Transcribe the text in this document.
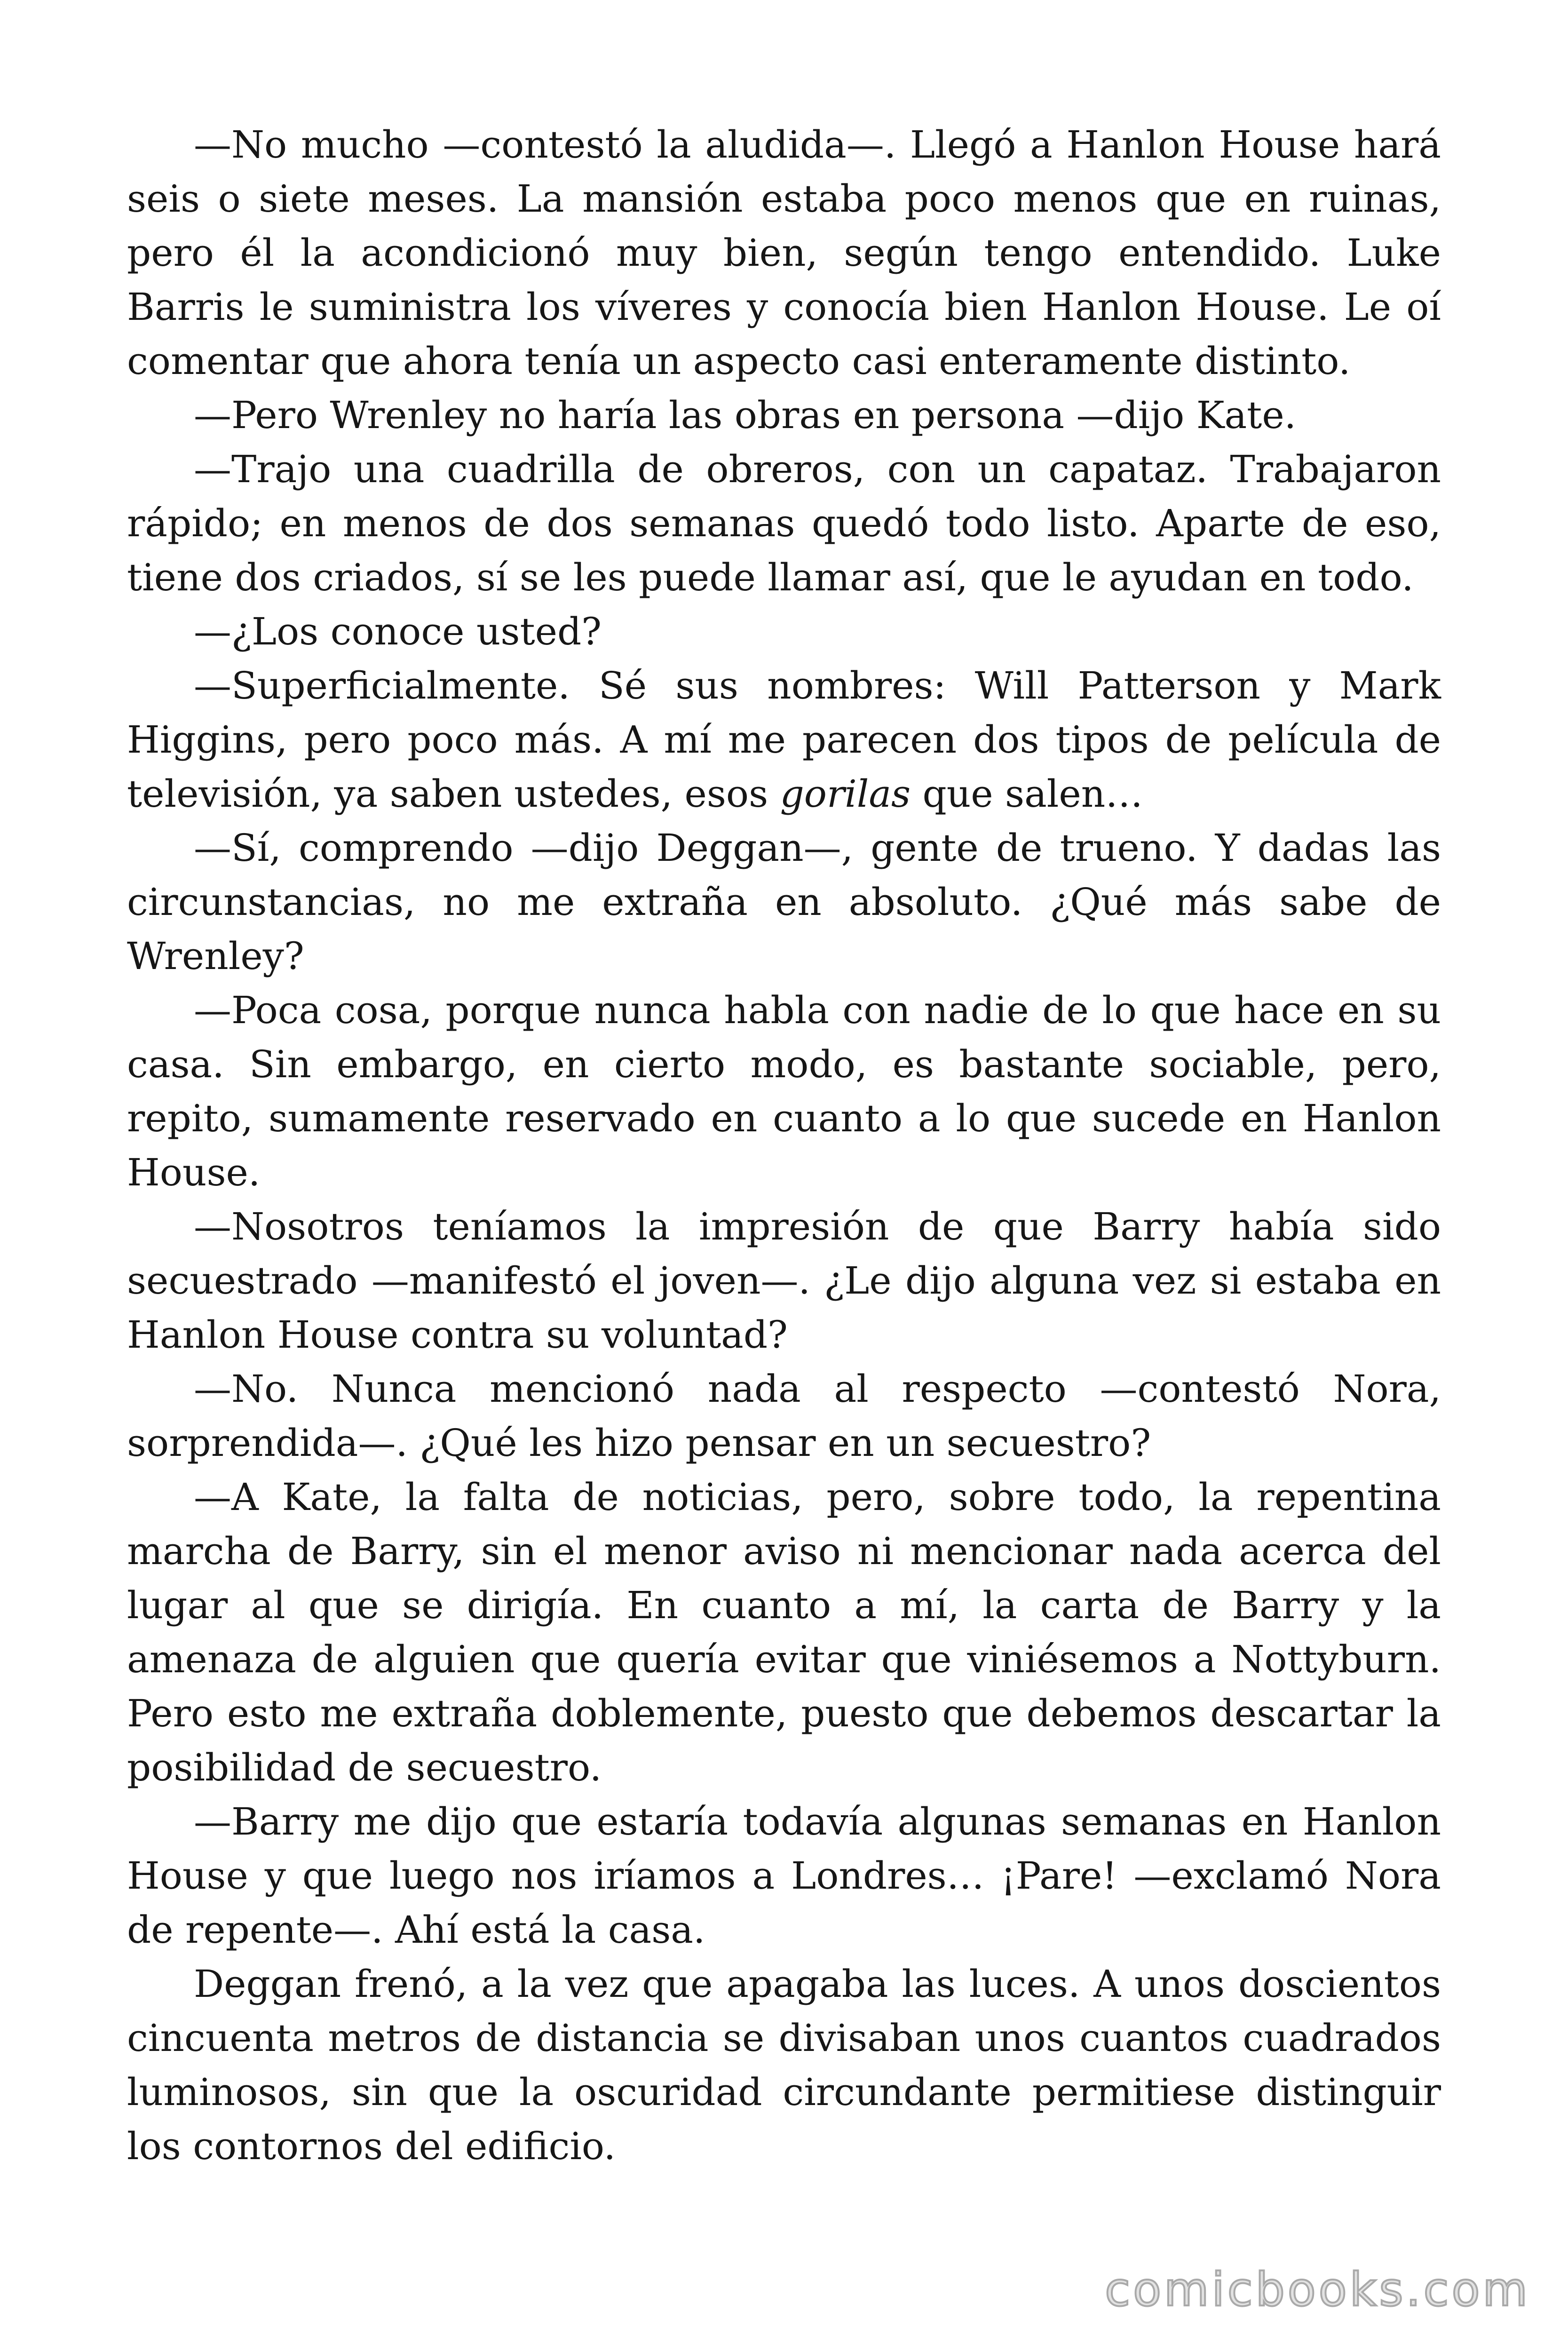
—No mucho —contestó la aludida—. Llegó a Hanlon House hará seis o siete meses. La mansión estaba poco menos que en ruinas, pero él la acondicionó muy bien, según tengo entendido. Luke Barris le suministra los víveres y conocía bien Hanlon House. Le oí comentar que ahora tenía un aspecto casi enteramente distinto.

—Pero Wrenley no haría las obras en persona —dijo Kate.

—Trajo una cuadrilla de obreros, con un capataz. Trabajaron rápido; en menos de dos semanas quedó todo listo. Aparte de eso, tiene dos criados, sí se les puede llamar así, que le ayudan en todo.

—¿Los conoce usted?

—Superficialmente. Sé sus nombres: Will Patterson y Mark Higgins, pero poco más. A mí me parecen dos tipos de película de televisión, ya saben ustedes, esos gorilas que salen…

—Sí, comprendo —dijo Deggan—, gente de trueno. Y dadas las circunstancias, no me extraña en absoluto. ¿Qué más sabe de Wrenley?

—Poca cosa, porque nunca habla con nadie de lo que hace en su casa. Sin embargo, en cierto modo, es bastante sociable, pero, repito, sumamente reservado en cuanto a lo que sucede en Hanlon House.

—Nosotros teníamos la impresión de que Barry había sido secuestrado —manifestó el joven—. ¿Le dijo alguna vez si estaba en Hanlon House contra su voluntad?

—No. Nunca mencionó nada al respecto —contestó Nora, sorprendida—. ¿Qué les hizo pensar en un secuestro?

—A Kate, la falta de noticias, pero, sobre todo, la repentina marcha de Barry, sin el menor aviso ni mencionar nada acerca del lugar al que se dirigía. En cuanto a mí, la carta de Barry y la amenaza de alguien que quería evitar que viniésemos a Nottyburn. Pero esto me extraña doblemente, puesto que debemos descartar la posibilidad de secuestro.

—Barry me dijo que estaría todavía algunas semanas en Hanlon House y que luego nos iríamos a Londres… ¡Pare! —exclamó Nora de repente—. Ahí está la casa.

Deggan frenó, a la vez que apagaba las luces. A unos doscientos cincuenta metros de distancia se divisaban unos cuantos cuadrados luminosos, sin que la oscuridad circundante permitiese distinguir los contornos del edificio.

comicbooks.com
